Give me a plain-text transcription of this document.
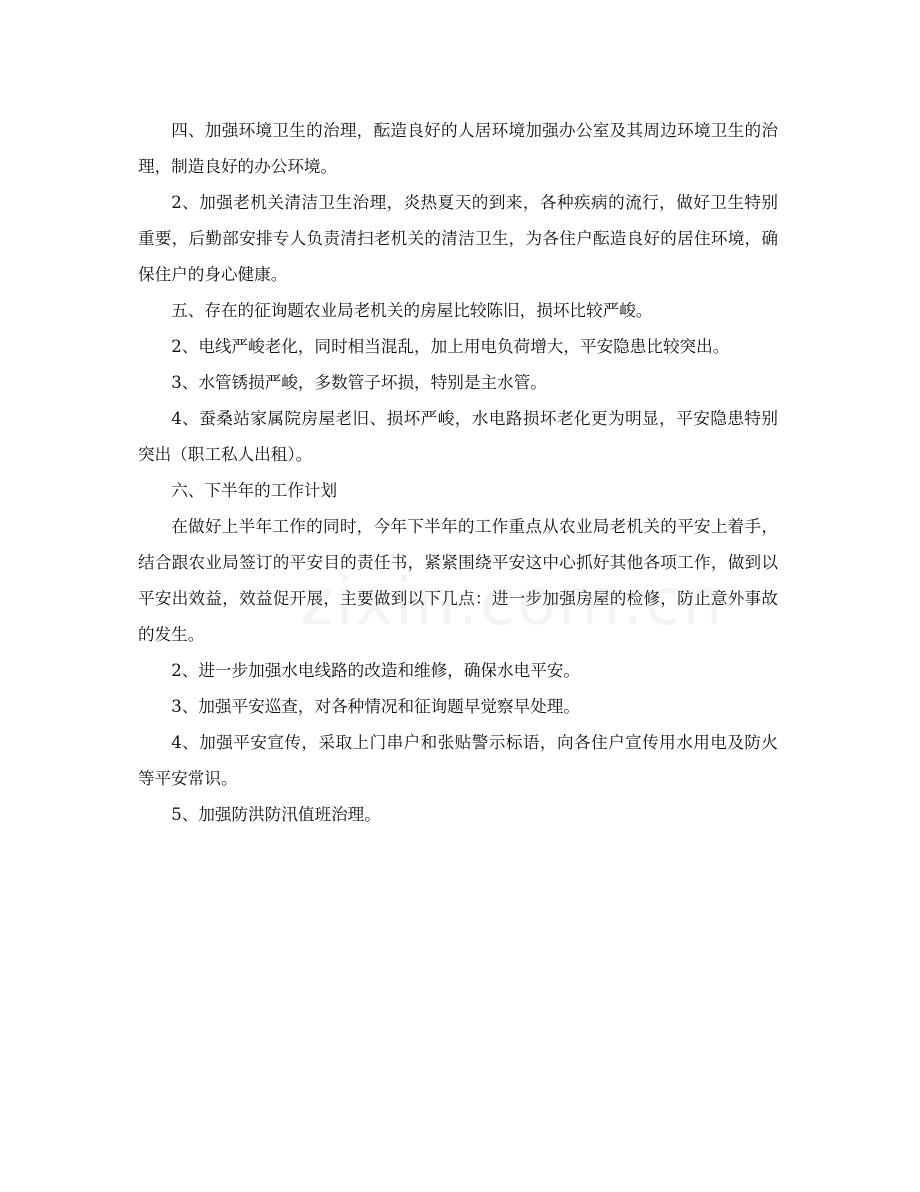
四、加强环境卫生的治理，酝造良好的人居环境加强办公室及其周边环境卫生的治理，制造良好的办公环境。

2、加强老机关清洁卫生治理，炎热夏天的到来，各种疾病的流行，做好卫生特别重要，后勤部安排专人负责清扫老机关的清洁卫生，为各住户酝造良好的居住环境，确保住户的身心健康。

五、存在的征询题农业局老机关的房屋比较陈旧，损坏比较严峻。

2、电线严峻老化，同时相当混乱，加上用电负荷增大，平安隐患比较突出。

3、水管锈损严峻，多数管子坏损，特别是主水管。

4、蚕桑站家属院房屋老旧、损坏严峻，水电路损坏老化更为明显，平安隐患特别突出（职工私人出租）。

六、下半年的工作计划

在做好上半年工作的同时，今年下半年的工作重点从农业局老机关的平安上着手，结合跟农业局签订的平安目的责任书，紧紧围绕平安这中心抓好其他各项工作，做到以平安出效益，效益促开展，主要做到以下几点：进一步加强房屋的检修，防止意外事故的发生。

2、进一步加强水电线路的改造和维修，确保水电平安。

3、加强平安巡查，对各种情况和征询题早觉察早处理。

4、加强平安宣传，采取上门串户和张贴警示标语，向各住户宣传用水用电及防火等平安常识。

5、加强防洪防汛值班治理。
